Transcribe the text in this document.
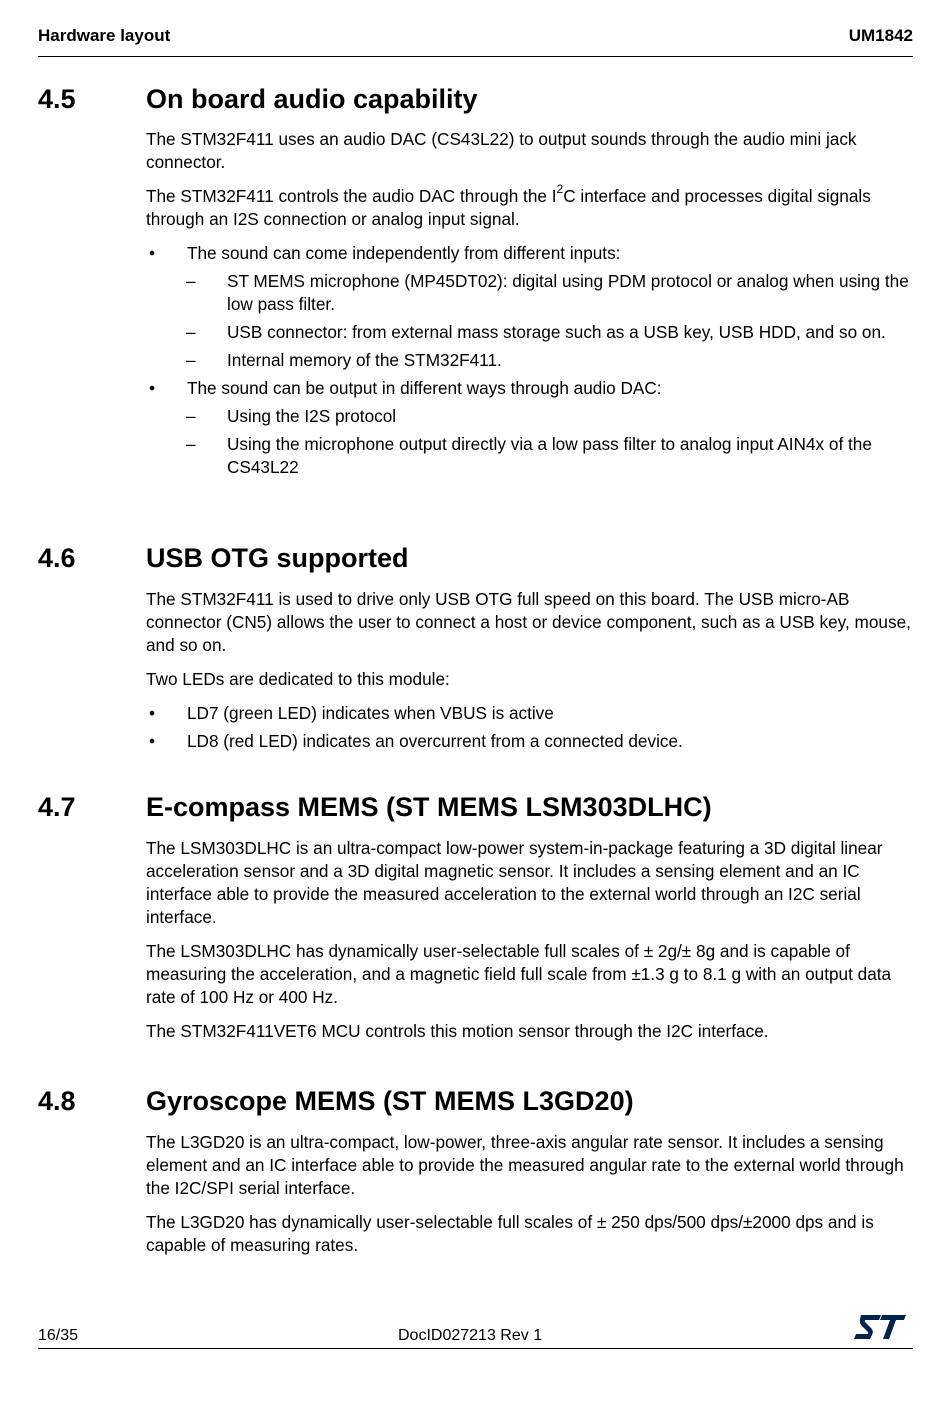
Hardware layout	UM1842
4.5	On board audio capability

The STM32F411 uses an audio DAC (CS43L22) to output sounds through the audio mini jack connector.

The STM32F411 controls the audio DAC through the $I^2C$ interface and processes digital signals through an I2S connection or analog input signal.

• The sound can come independently from different inputs:
– ST MEMS microphone (MP45DT02): digital using PDM protocol or analog when using the low pass filter.
– USB connector: from external mass storage such as a USB key, USB HDD, and so on.
– Internal memory of the STM32F411.
• The sound can be output in different ways through audio DAC:
– Using the I2S protocol
– Using the microphone output directly via a low pass filter to analog input AIN4x of the CS43L22
4.6	USB OTG supported

The STM32F411 is used to drive only USB OTG full speed on this board. The USB micro-AB connector (CN5) allows the user to connect a host or device component, such as a USB key, mouse, and so on.

Two LEDs are dedicated to this module:

• LD7 (green LED) indicates when VBUS is active
• LD8 (red LED) indicates an overcurrent from a connected device.
4.7	E-compass MEMS (ST MEMS LSM303DLHC)

The LSM303DLHC is an ultra-compact low-power system-in-package featuring a 3D digital linear acceleration sensor and a 3D digital magnetic sensor. It includes a sensing element and an IC interface able to provide the measured acceleration to the external world through an I2C serial interface.

The LSM303DLHC has dynamically user-selectable full scales of ± 2g/± 8g and is capable of measuring the acceleration, and a magnetic field full scale from ±1.3 g to 8.1 g with an output data rate of 100 Hz or 400 Hz.

The STM32F411VET6 MCU controls this motion sensor through the I2C interface.

4.8	Gyroscope MEMS (ST MEMS L3GD20)

The L3GD20 is an ultra-compact, low-power, three-axis angular rate sensor. It includes a sensing element and an IC interface able to provide the measured angular rate to the external world through the I2C/SPI serial interface.

The L3GD20 has dynamically user-selectable full scales of ± 250 dps/500 dps/±2000 dps and is capable of measuring rates.

16/35	DocID027213 Rev 1
